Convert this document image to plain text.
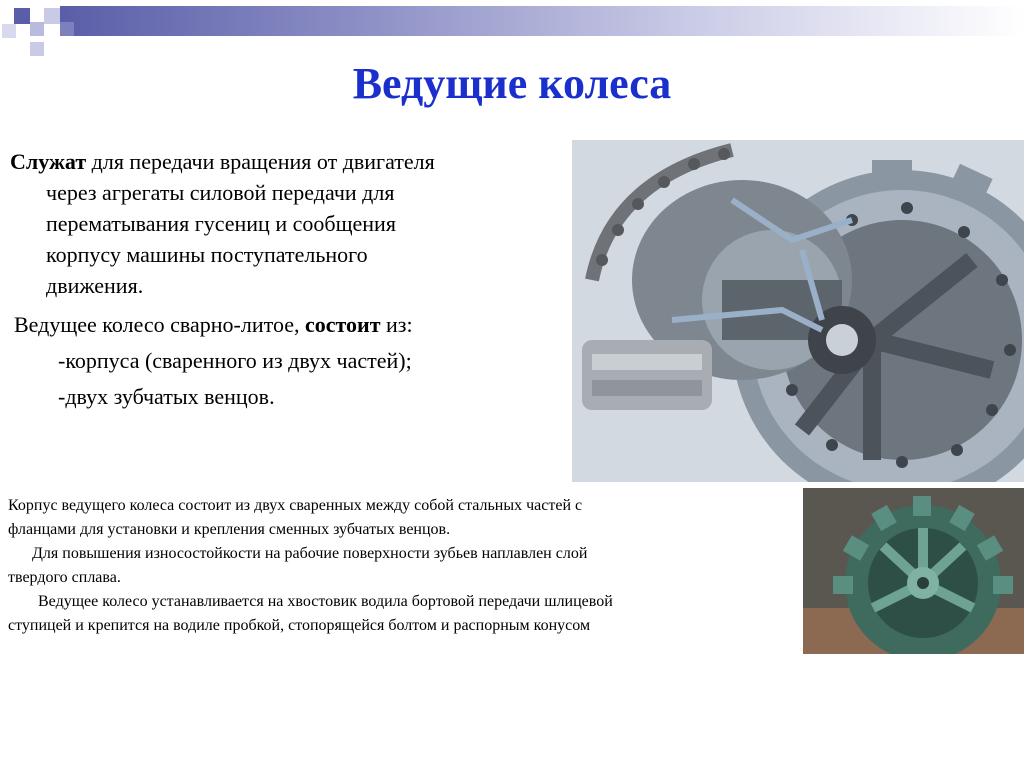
Ведущие колеса
Служат для передачи вращения от двигателя
через агрегаты силовой передачи для
перематывания гусениц и сообщения
корпусу машины поступательного
движения.
Ведущее колесо сварно-литое, состоит из:
-корпуса (сваренного из двух частей);
-двух зубчатых венцов.
Корпус ведущего колеса состоит из двух сваренных между собой стальных частей с
фланцами для установки и крепления сменных зубчатых венцов.
Для повышения износостойкости на рабочие поверхности зубьев наплавлен слой
твердого сплава.
Ведущее колесо устанавливается на хвостовик водила бортовой передачи шлицевой
ступицей и крепится на водиле пробкой, стопорящейся болтом и распорным конусом
